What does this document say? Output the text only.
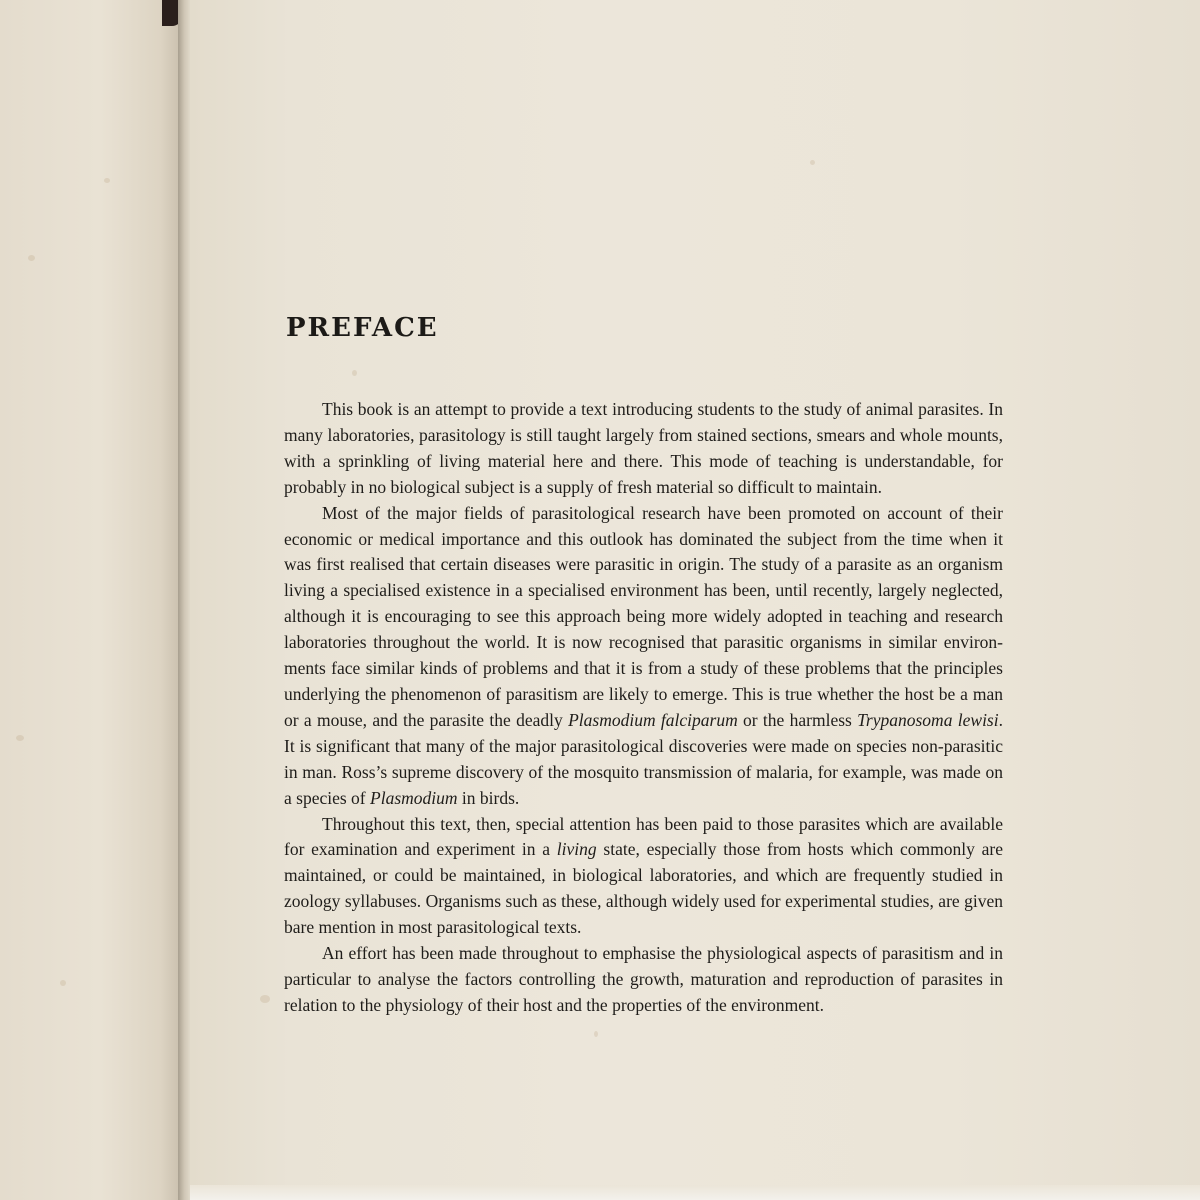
PREFACE

This book is an attempt to provide a text introducing students to the study of animal parasites. In many laboratories, parasitology is still taught largely from stained sections, smears and whole mounts, with a sprinkling of living material here and there. This mode of teaching is understandable, for probably in no biological subject is a supply of fresh material so difficult to maintain.

Most of the major fields of parasitological research have been promoted on account of their economic or medical importance and this outlook has dominated the subject from the time when it was first realised that certain diseases were parasitic in origin. The study of a parasite as an organism living a specialised existence in a specialised environment has been, until recently, largely neglected, although it is encouraging to see this approach being more widely adopted in teaching and research laboratories throughout the world. It is now recognised that parasitic organisms in similar environments face similar kinds of problems and that it is from a study of these problems that the principles underlying the phenomenon of parasitism are likely to emerge. This is true whether the host be a man or a mouse, and the parasite the deadly Plasmodium falciparum or the harmless Trypanosoma lewisi. It is significant that many of the major parasitological discoveries were made on species non-parasitic in man. Ross’s supreme discovery of the mosquito transmission of malaria, for example, was made on a species of Plasmodium in birds.

Throughout this text, then, special attention has been paid to those parasites which are available for examination and experiment in a living state, especially those from hosts which commonly are maintained, or could be maintained, in biological laboratories, and which are frequently studied in zoology syllabuses. Organisms such as these, although widely used for experimental studies, are given bare mention in most parasitological texts.

An effort has been made throughout to emphasise the physiological aspects of parasitism and in particular to analyse the factors controlling the growth, maturation and reproduction of parasites in relation to the physiology of their host and the properties of the environment.
